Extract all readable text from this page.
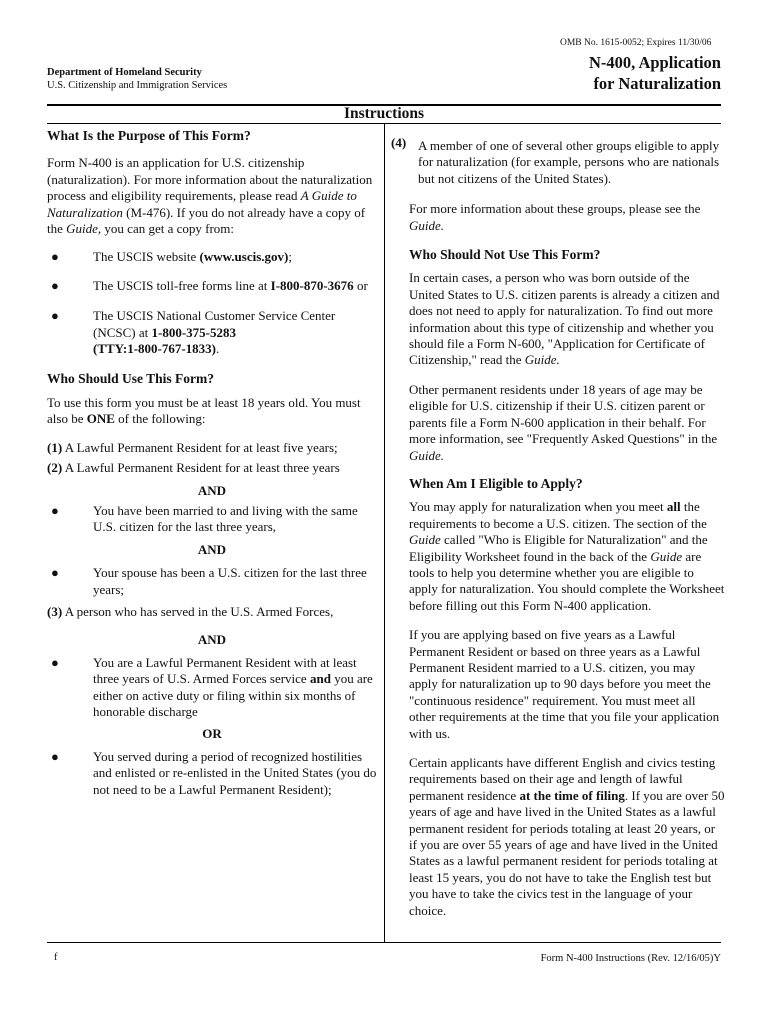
OMB No. 1615-0052; Expires 11/30/06
Department of Homeland Security
U.S. Citizenship and Immigration Services
N-400, Application
for Naturalization
Instructions

What Is the Purpose of This Form?

Form N-400 is an application for U.S. citizenship (naturalization). For more information about the naturalization process and eligibility requirements, please read A Guide to Naturalization (M-476). If you do not already have a copy of the Guide, you can get a copy from:

●	The USCIS website (www.uscis.gov);

●	The USCIS toll-free forms line at I-800-870-3676 or

●	The USCIS National Customer Service Center (NCSC) at 1-800-375-5283
(TTY:1-800-767-1833).

Who Should Use This Form?

To use this form you must be at least 18 years old. You must also be ONE of the following:

(1) A Lawful Permanent Resident for at least five years;

(2) A Lawful Permanent Resident for at least three years

AND

●	You have been married to and living with the same U.S. citizen for the last three years,

AND

●	Your spouse has been a U.S. citizen for the last three years;

(3) A person who has served in the U.S. Armed Forces,

AND

●	You are a Lawful Permanent Resident with at least three years of U.S. Armed Forces service and you are either on active duty or filing within six months of honorable discharge

OR

●	You served during a period of recognized hostilities and enlisted or re-enlisted in the United States (you do not need to be a Lawful Permanent Resident);

(4) A member of one of several other groups eligible to apply for naturalization (for example, persons who are nationals but not citizens of the United States).

For more information about these groups, please see the Guide.

Who Should Not Use This Form?

In certain cases, a person who was born outside of the United States to U.S. citizen parents is already a citizen and does not need to apply for naturalization. To find out more information about this type of citizenship and whether you should file a Form N-600, "Application for Certificate of Citizenship," read the Guide.

Other permanent residents under 18 years of age may be eligible for U.S. citizenship if their U.S. citizen parent or parents file a Form N-600 application in their behalf. For more information, see "Frequently Asked Questions" in the Guide.

When Am I Eligible to Apply?

You may apply for naturalization when you meet all the requirements to become a U.S. citizen. The section of the Guide called "Who is Eligible for Naturalization" and the Eligibility Worksheet found in the back of the Guide are tools to help you determine whether you are eligible to apply for naturalization. You should complete the Worksheet before filling out this Form N-400 application.

If you are applying based on five years as a Lawful Permanent Resident or based on three years as a Lawful Permanent Resident married to a U.S. citizen, you may apply for naturalization up to 90 days before you meet the "continuous residence" requirement. You must meet all other requirements at the time that you file your application with us.

Certain applicants have different English and civics testing requirements based on their age and length of lawful permanent residence at the time of filing. If you are over 50 years of age and have lived in the United States as a lawful permanent resident for periods totaling at least 20 years, or if you are over 55 years of age and have lived in the United States as a lawful permanent resident for periods totaling at least 15 years, you do not have to take the English test but you have to take the civics test in the language of your choice.

f	Form N-400 Instructions (Rev. 12/16/05)Y
